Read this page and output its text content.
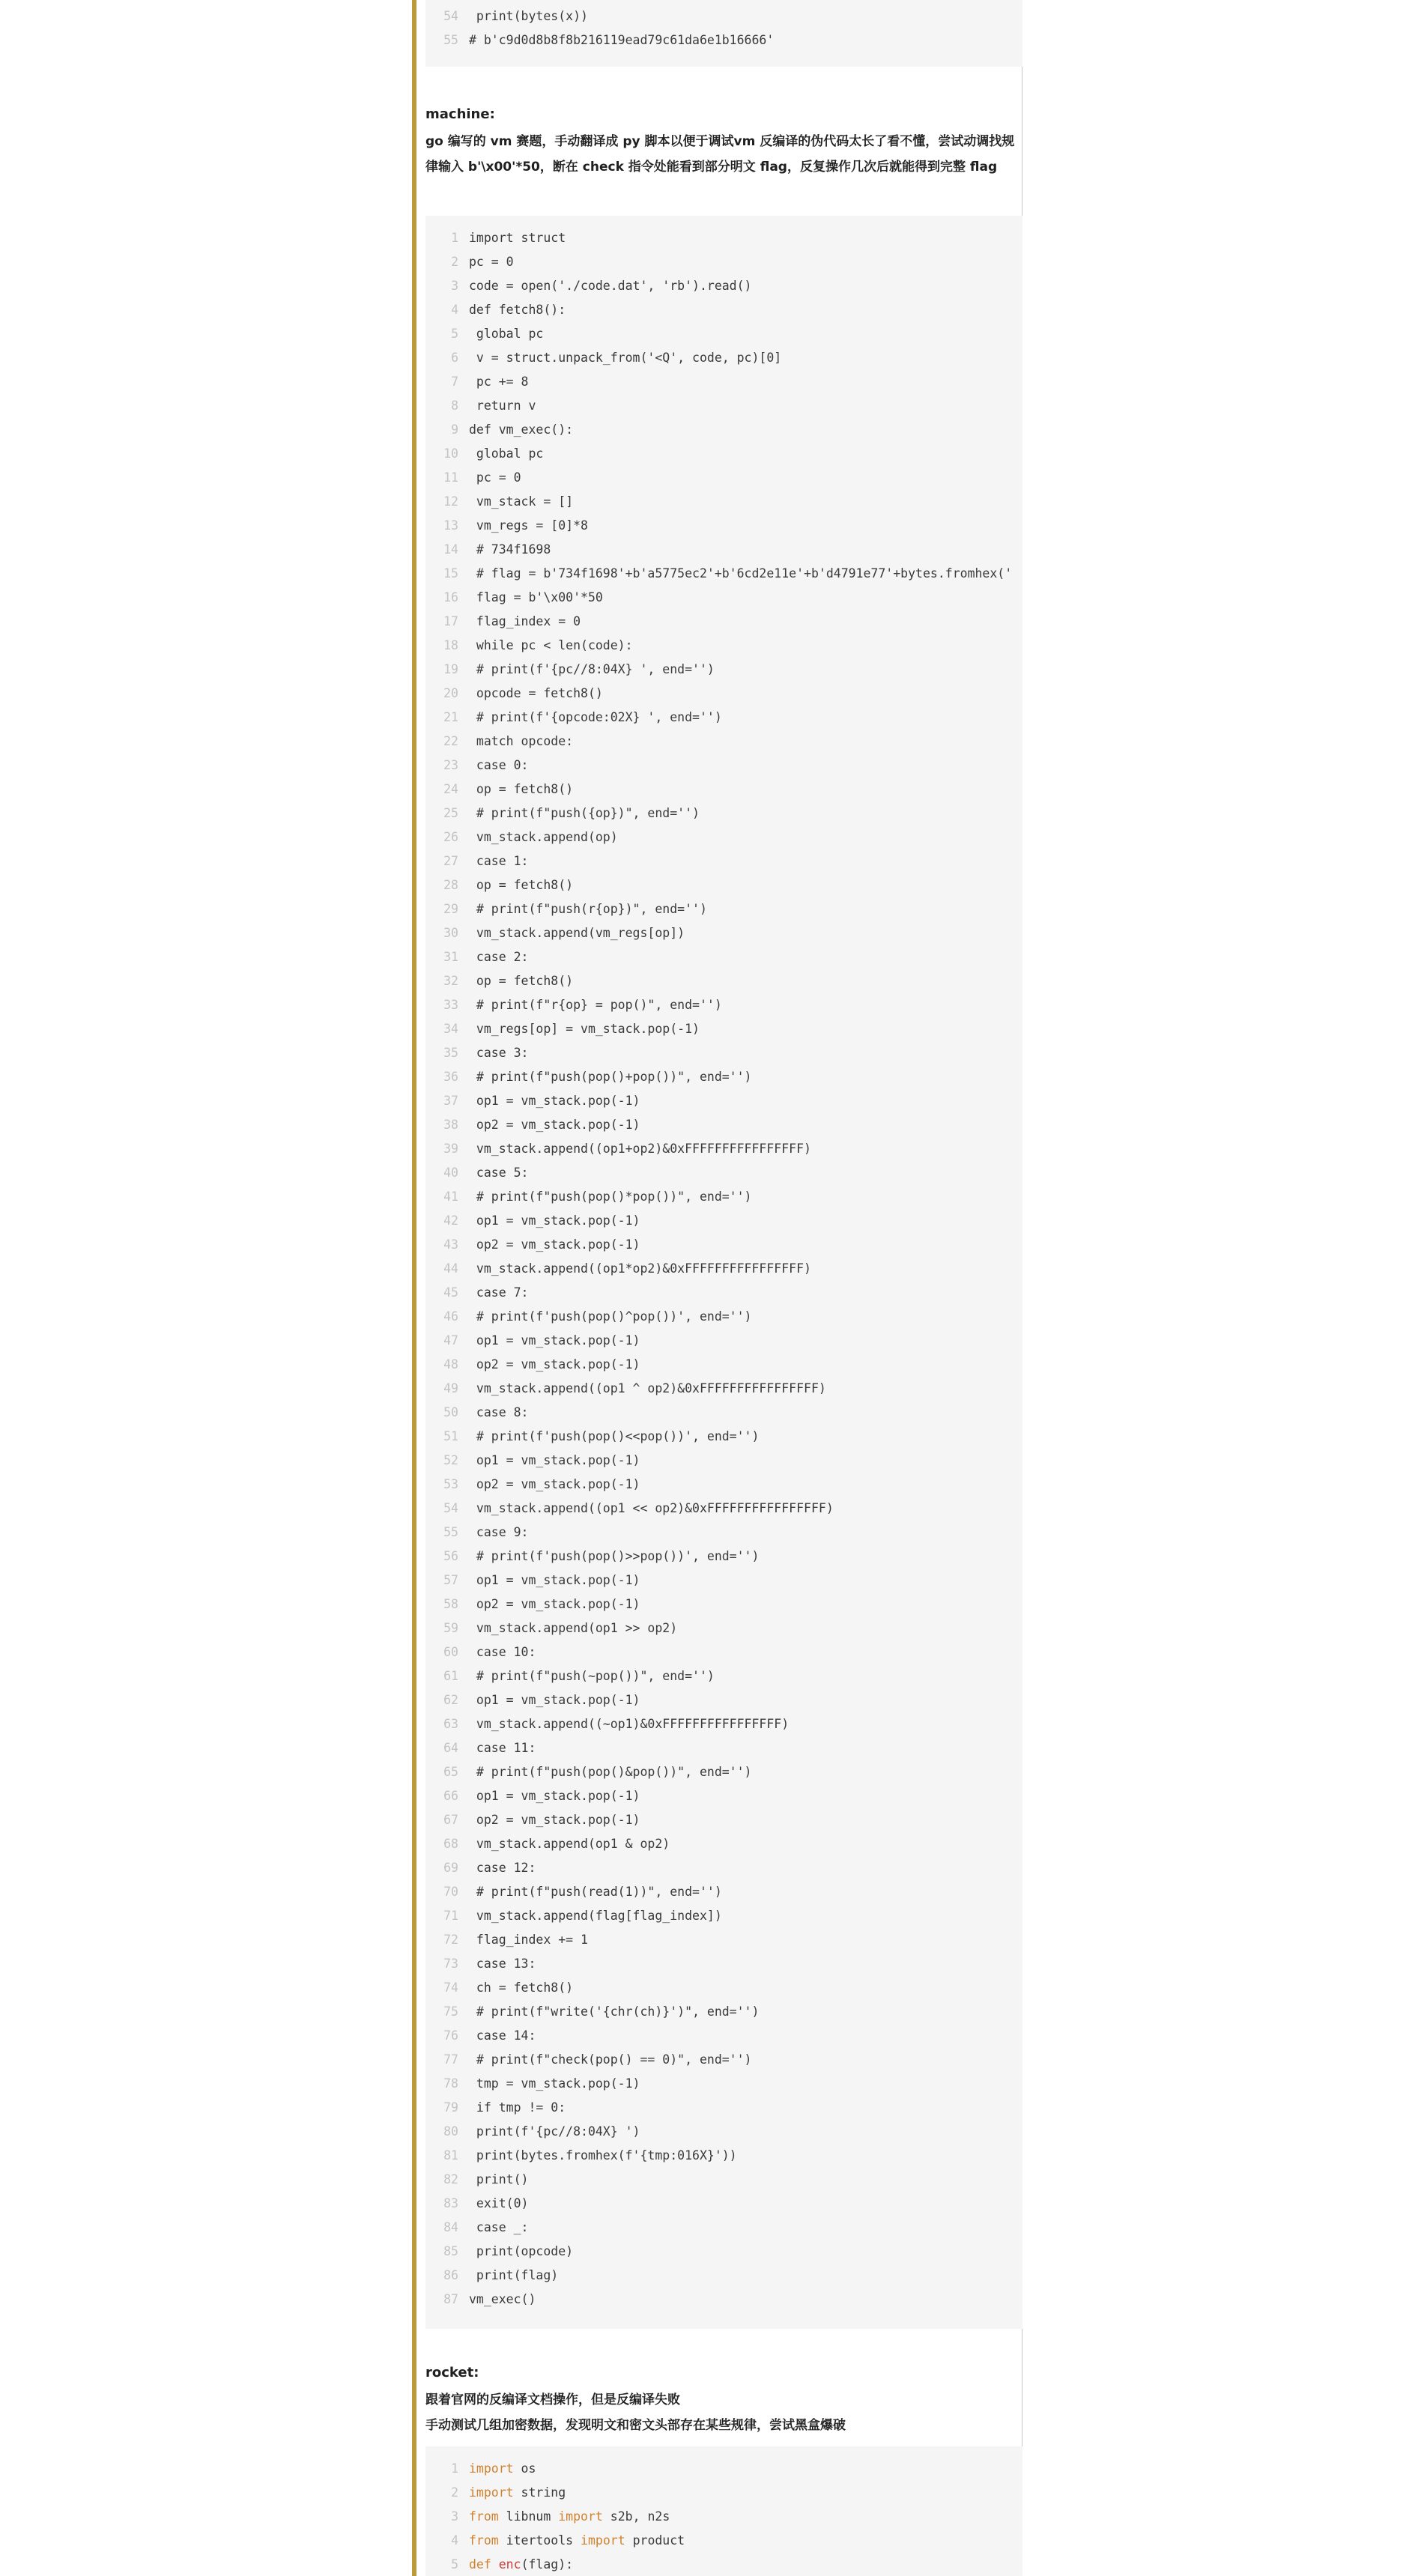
54 print(bytes(x))
55 # b'c9d0d8b8f8b216119ead79c61da6e1b16666'
machine:
go 编写的 vm 赛题，手动翻译成 py 脚本以便于调试vm 反编译的伪代码太长了看不懂，尝试动调找规律输入 b'\x00'*50，断在 check 指令处能看到部分明文 flag，反复操作几次后就能得到完整 flag
1 import struct
2 pc = 0
3 code = open('./code.dat', 'rb').read()
4 def fetch8():
5 global pc
6 v = struct.unpack_from('<Q', code, pc)[0]
7 pc += 8
8 return v
9 def vm_exec():
10 global pc
11 pc = 0
12 vm_stack = []
13 vm_regs = [0]*8
14 # 734f1698
15 # flag = b'734f1698'+b'a5775ec2'+b'6cd2e11e'+b'd4791e77'+bytes.fromhex('
16 flag = b'\x00'*50
17 flag_index = 0
18 while pc < len(code):
19 # print(f'{pc//8:04X} ', end='')
20 opcode = fetch8()
21 # print(f'{opcode:02X} ', end='')
22 match opcode:
23 case 0:
24 op = fetch8()
25 # print(f"push({op})", end='')
26 vm_stack.append(op)
27 case 1:
28 op = fetch8()
29 # print(f"push(r{op})", end='')
30 vm_stack.append(vm_regs[op])
31 case 2:
32 op = fetch8()
33 # print(f"r{op} = pop()", end='')
34 vm_regs[op] = vm_stack.pop(-1)
35 case 3:
36 # print(f"push(pop()+pop())", end='')
37 op1 = vm_stack.pop(-1)
38 op2 = vm_stack.pop(-1)
39 vm_stack.append((op1+op2)&0xFFFFFFFFFFFFFFFF)
40 case 5:
41 # print(f"push(pop()*pop())", end='')
42 op1 = vm_stack.pop(-1)
43 op2 = vm_stack.pop(-1)
44 vm_stack.append((op1*op2)&0xFFFFFFFFFFFFFFFF)
45 case 7:
46 # print(f'push(pop()^pop())', end='')
47 op1 = vm_stack.pop(-1)
48 op2 = vm_stack.pop(-1)
49 vm_stack.append((op1 ^ op2)&0xFFFFFFFFFFFFFFFF)
50 case 8:
51 # print(f'push(pop()<<pop())', end='')
52 op1 = vm_stack.pop(-1)
53 op2 = vm_stack.pop(-1)
54 vm_stack.append((op1 << op2)&0xFFFFFFFFFFFFFFFF)
55 case 9:
56 # print(f'push(pop()>>pop())', end='')
57 op1 = vm_stack.pop(-1)
58 op2 = vm_stack.pop(-1)
59 vm_stack.append(op1 >> op2)
60 case 10:
61 # print(f"push(~pop())", end='')
62 op1 = vm_stack.pop(-1)
63 vm_stack.append((~op1)&0xFFFFFFFFFFFFFFFF)
64 case 11:
65 # print(f"push(pop()&pop())", end='')
66 op1 = vm_stack.pop(-1)
67 op2 = vm_stack.pop(-1)
68 vm_stack.append(op1 & op2)
69 case 12:
70 # print(f"push(read(1))", end='')
71 vm_stack.append(flag[flag_index])
72 flag_index += 1
73 case 13:
74 ch = fetch8()
75 # print(f"write('{chr(ch)}')", end='')
76 case 14:
77 # print(f"check(pop() == 0)", end='')
78 tmp = vm_stack.pop(-1)
79 if tmp != 0:
80 print(f'{pc//8:04X} ')
81 print(bytes.fromhex(f'{tmp:016X}'))
82 print()
83 exit(0)
84 case _:
85 print(opcode)
86 print(flag)
87 vm_exec()
rocket:
跟着官网的反编译文档操作，但是反编译失败
手动测试几组加密数据，发现明文和密文头部存在某些规律，尝试黑盒爆破
1 import os
2 import string
3 from libnum import s2b, n2s
4 from itertools import product
5 def enc(flag):
